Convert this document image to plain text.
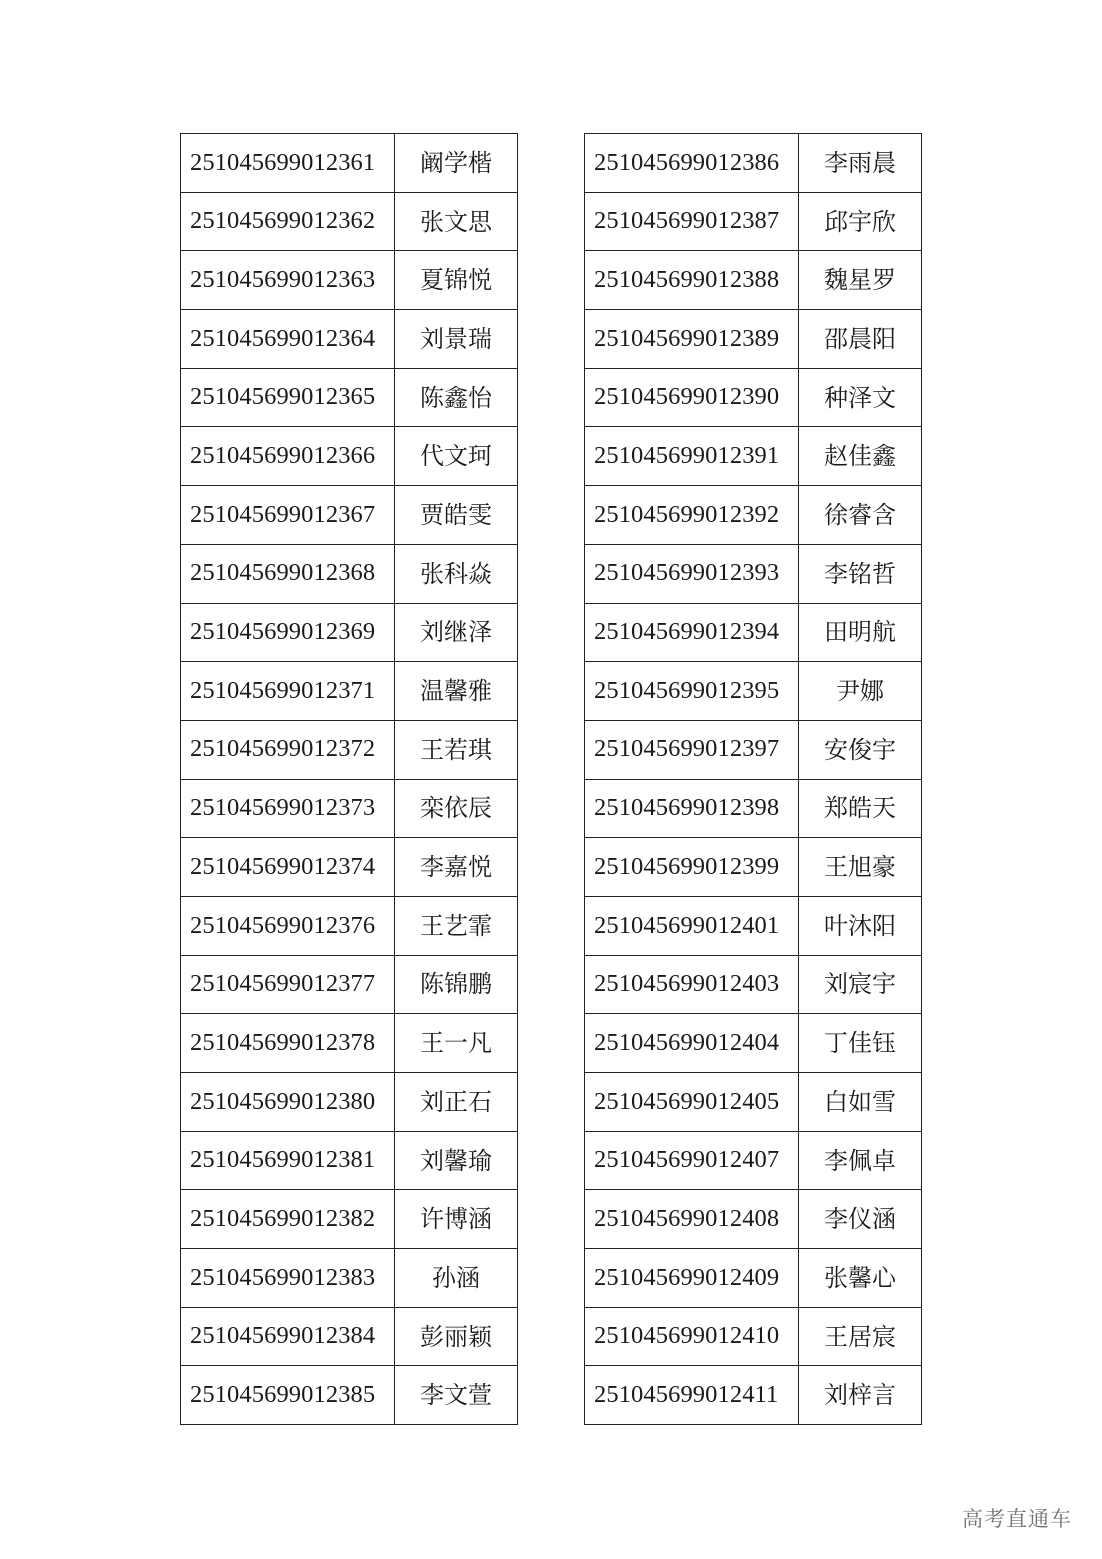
251045699012361	阚学楷
251045699012362	张文思
251045699012363	夏锦悦
251045699012364	刘景瑞
251045699012365	陈鑫怡
251045699012366	代文珂
251045699012367	贾皓雯
251045699012368	张科焱
251045699012369	刘继泽
251045699012371	温馨雅
251045699012372	王若琪
251045699012373	栾依辰
251045699012374	李嘉悦
251045699012376	王艺霏
251045699012377	陈锦鹏
251045699012378	王一凡
251045699012380	刘正石
251045699012381	刘馨瑜
251045699012382	许博涵
251045699012383	孙涵
251045699012384	彭丽颖
251045699012385	李文萱
251045699012386	李雨晨
251045699012387	邱宇欣
251045699012388	魏星罗
251045699012389	邵晨阳
251045699012390	种泽文
251045699012391	赵佳鑫
251045699012392	徐睿含
251045699012393	李铭哲
251045699012394	田明航
251045699012395	尹娜
251045699012397	安俊宇
251045699012398	郑皓天
251045699012399	王旭豪
251045699012401	叶沐阳
251045699012403	刘宸宇
251045699012404	丁佳钰
251045699012405	白如雪
251045699012407	李佩卓
251045699012408	李仪涵
251045699012409	张馨心
251045699012410	王居宸
251045699012411	刘梓言
高考直通车
